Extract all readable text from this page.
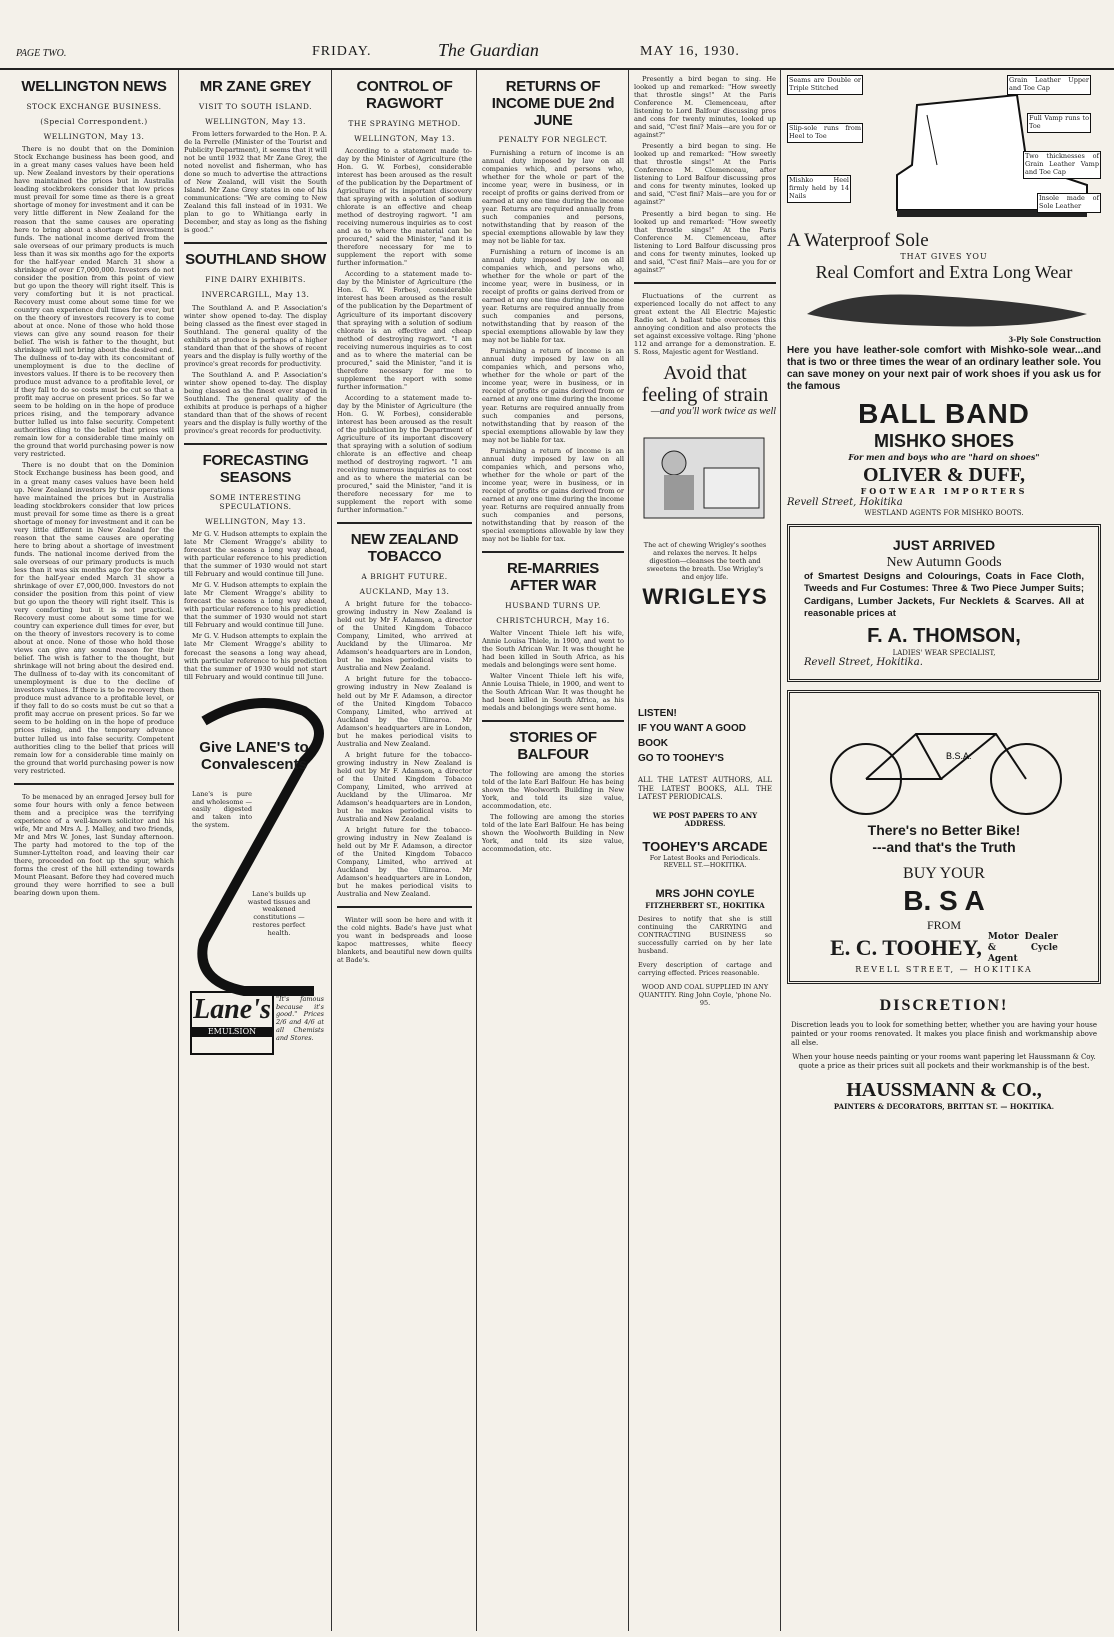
PAGE TWO.	FRIDAY.	The Guardian	MAY 16, 1930.
WELLINGTON NEWS
STOCK EXCHANGE BUSINESS.
(Special Correspondent.)
WELLINGTON, May 13.

There is no doubt that on the Dominion Stock Exchange business has been good, and in a great many cases values have been held up. New Zealand investors by their operations have maintained the prices but in Australia leading stockbrokers consider that low prices must prevail for some time as there is a great shortage of money for investment and it can be very little different in New Zealand for the reason that the same causes are operating here to bring about a shortage of investment funds. The national income derived from the sale overseas of our primary products is much less than it was six months ago for the exports for the half-year ended March 31 show a shrinkage of over £7,000,000. Investors do not consider the position from this point of view but go upon the theory will right itself. This is very comforting but it is not practical. Recovery must come about some time for we country can experience dull times for ever, but on the theory of investors recovery is to come about at once. None of those who hold those views can give any sound reason for their belief. The wish is father to the thought, but shrinkage will not bring about the desired end. The dullness of to-day with its concomitant of unemployment is due to the decline of investors values. If there is to be recovery then produce must advance to a profitable level, or if they fall to do so costs must be cut so that a profit may accrue on present prices. So far we seem to be holding on in the hope of produce prices rising, and the temporary advance butter lulled us into false security. Competent authorities cling to the belief that prices will remain low for a considerable time mainly on the ground that world purchasing power is now very restricted.

There is no doubt that on the Dominion Stock Exchange business has been good, and in a great many cases values have been held up. New Zealand investors by their operations have maintained the prices but in Australia leading stockbrokers consider that low prices must prevail for some time as there is a great shortage of money for investment and it can be very little different in New Zealand for the reason that the same causes are operating here to bring about a shortage of investment funds. The national income derived from the sale overseas of our primary products is much less than it was six months ago for the exports for the half-year ended March 31 show a shrinkage of over £7,000,000. Investors do not consider the position from this point of view but go upon the theory will right itself. This is very comforting but it is not practical. Recovery must come about some time for we country can experience dull times for ever, but on the theory of investors recovery is to come about at once. None of those who hold those views can give any sound reason for their belief. The wish is father to the thought, but shrinkage will not bring about the desired end. The dullness of to-day with its concomitant of unemployment is due to the decline of investors values. If there is to be recovery then produce must advance to a profitable level, or if they fall to do so costs must be cut so that a profit may accrue on present prices. So far we seem to be holding on in the hope of produce prices rising, and the temporary advance butter lulled us into false security. Competent authorities cling to the belief that prices will remain low for a considerable time mainly on the ground that world purchasing power is now very restricted.

To be menaced by an enraged Jersey bull for some four hours with only a fence between them and a precipice was the terrifying experience of a well-known solicitor and his wife, Mr and Mrs A. J. Malley, and two friends, Mr and Mrs W. Jones, last Sunday afternoon. The party had motored to the top of the Sumner-Lyttelton road, and leaving their car there, proceeded on foot up the spur, which forms the crest of the hill extending towards Mount Pleasant. Before they had covered much ground they were horrified to see a bull bearing down upon them.

MR ZANE GREY
VISIT TO SOUTH ISLAND.
WELLINGTON, May 13.

From letters forwarded to the Hon. P. A. de la Perrelle (Minister of the Tourist and Publicity Department), it seems that it will not be until 1932 that Mr Zane Grey, the noted novelist and fisherman, who has done so much to advertise the attractions of New Zealand, will visit the South Island. Mr Zane Grey states in one of his communications: "We are coming to New Zealand this fall instead of in 1931. We plan to go to Whitianga early in December, and stay as long as the fishing is good."

SOUTHLAND SHOW
FINE DAIRY EXHIBITS.
INVERCARGILL, May 13.

The Southland A. and P. Association's winter show opened to-day. The display being classed as the finest ever staged in Southland. The general quality of the exhibits at produce is perhaps of a higher standard than that of the shows of recent years and the display is fully worthy of the province's great records for productivity.

The Southland A. and P. Association's winter show opened to-day. The display being classed as the finest ever staged in Southland. The general quality of the exhibits at produce is perhaps of a higher standard than that of the shows of recent years and the display is fully worthy of the province's great records for productivity.

FORECASTING SEASONS
SOME INTERESTING SPECULATIONS.
WELLINGTON, May 13.

Mr G. V. Hudson attempts to explain the late Mr Clement Wragge's ability to forecast the seasons a long way ahead, with particular reference to his prediction that the summer of 1930 would not start till February and would continue till June.

Mr G. V. Hudson attempts to explain the late Mr Clement Wragge's ability to forecast the seasons a long way ahead, with particular reference to his prediction that the summer of 1930 would not start till February and would continue till June.

Mr G. V. Hudson attempts to explain the late Mr Clement Wragge's ability to forecast the seasons a long way ahead, with particular reference to his prediction that the summer of 1930 would not start till February and would continue till June.

Give LANE'S to Convalescents
Lane's is pure and wholesome — easily digested and taken into the system.
Lane's builds up wasted tissues and weakened constitutions — restores perfect health.
Lane's
EMULSION
"It's famous because it's good." Prices 2/6 and 4/6 at all Chemists and Stores.
CONTROL OF RAGWORT
THE SPRAYING METHOD.
WELLINGTON, May 13.

According to a statement made to-day by the Minister of Agriculture (the Hon. G. W. Forbes), considerable interest has been aroused as the result of the publication by the Department of Agriculture of its important discovery that spraying with a solution of sodium chlorate is an effective and cheap method of destroying ragwort. "I am receiving numerous inquiries as to cost and as to where the material can be procured," said the Minister, "and it is therefore necessary for me to supplement the report with some further information."

According to a statement made to-day by the Minister of Agriculture (the Hon. G. W. Forbes), considerable interest has been aroused as the result of the publication by the Department of Agriculture of its important discovery that spraying with a solution of sodium chlorate is an effective and cheap method of destroying ragwort. "I am receiving numerous inquiries as to cost and as to where the material can be procured," said the Minister, "and it is therefore necessary for me to supplement the report with some further information."

According to a statement made to-day by the Minister of Agriculture (the Hon. G. W. Forbes), considerable interest has been aroused as the result of the publication by the Department of Agriculture of its important discovery that spraying with a solution of sodium chlorate is an effective and cheap method of destroying ragwort. "I am receiving numerous inquiries as to cost and as to where the material can be procured," said the Minister, "and it is therefore necessary for me to supplement the report with some further information."

NEW ZEALAND TOBACCO
A BRIGHT FUTURE.
AUCKLAND, May 13.

A bright future for the tobacco-growing industry in New Zealand is held out by Mr F. Adamson, a director of the United Kingdom Tobacco Company, Limited, who arrived at Auckland by the Ulimaroa. Mr Adamson's headquarters are in London, but he makes periodical visits to Australia and New Zealand.

A bright future for the tobacco-growing industry in New Zealand is held out by Mr F. Adamson, a director of the United Kingdom Tobacco Company, Limited, who arrived at Auckland by the Ulimaroa. Mr Adamson's headquarters are in London, but he makes periodical visits to Australia and New Zealand.

A bright future for the tobacco-growing industry in New Zealand is held out by Mr F. Adamson, a director of the United Kingdom Tobacco Company, Limited, who arrived at Auckland by the Ulimaroa. Mr Adamson's headquarters are in London, but he makes periodical visits to Australia and New Zealand.

A bright future for the tobacco-growing industry in New Zealand is held out by Mr F. Adamson, a director of the United Kingdom Tobacco Company, Limited, who arrived at Auckland by the Ulimaroa. Mr Adamson's headquarters are in London, but he makes periodical visits to Australia and New Zealand.

Winter will soon be here and with it the cold nights. Bade's have just what you want in bedspreads and loose kapoc mattresses, white fleecy blankets, and beautiful new down quilts at Bade's.

RETURNS OF INCOME DUE 2nd JUNE
PENALTY FOR NEGLECT.

Furnishing a return of income is an annual duty imposed by law on all companies which, and persons who, whether for the whole or part of the income year, were in business, or in receipt of profits or gains derived from or earned at any one time during the income year. Returns are required annually from such companies and persons, notwithstanding that by reason of the special exemptions allowable by law they may not be liable for tax.

Furnishing a return of income is an annual duty imposed by law on all companies which, and persons who, whether for the whole or part of the income year, were in business, or in receipt of profits or gains derived from or earned at any one time during the income year. Returns are required annually from such companies and persons, notwithstanding that by reason of the special exemptions allowable by law they may not be liable for tax.

Furnishing a return of income is an annual duty imposed by law on all companies which, and persons who, whether for the whole or part of the income year, were in business, or in receipt of profits or gains derived from or earned at any one time during the income year. Returns are required annually from such companies and persons, notwithstanding that by reason of the special exemptions allowable by law they may not be liable for tax.

Furnishing a return of income is an annual duty imposed by law on all companies which, and persons who, whether for the whole or part of the income year, were in business, or in receipt of profits or gains derived from or earned at any one time during the income year. Returns are required annually from such companies and persons, notwithstanding that by reason of the special exemptions allowable by law they may not be liable for tax.

RE-MARRIES AFTER WAR
HUSBAND TURNS UP.
CHRISTCHURCH, May 16.

Walter Vincent Thiele left his wife, Annie Louisa Thiele, in 1900, and went to the South African War. It was thought he had been killed in South Africa, as his medals and belongings were sent home.

Walter Vincent Thiele left his wife, Annie Louisa Thiele, in 1900, and went to the South African War. It was thought he had been killed in South Africa, as his medals and belongings were sent home.

STORIES OF BALFOUR

The following are among the stories told of the late Earl Balfour. He has being shown the Woolworth Building in New York, and told its size value, accommodation, etc.

The following are among the stories told of the late Earl Balfour. He has being shown the Woolworth Building in New York, and told its size value, accommodation, etc.

Presently a bird began to sing. He looked up and remarked: "How sweetly that throstle sings!" At the Paris Conference M. Clemenceau, after listening to Lord Balfour discussing pros and cons for twenty minutes, looked up and said, "C'est fini? Mais—are you for or against?"

Presently a bird began to sing. He looked up and remarked: "How sweetly that throstle sings!" At the Paris Conference M. Clemenceau, after listening to Lord Balfour discussing pros and cons for twenty minutes, looked up and said, "C'est fini? Mais—are you for or against?"

Presently a bird began to sing. He looked up and remarked: "How sweetly that throstle sings!" At the Paris Conference M. Clemenceau, after listening to Lord Balfour discussing pros and cons for twenty minutes, looked up and said, "C'est fini? Mais—are you for or against?"

Fluctuations of the current as experienced locally do not affect to any great extent the All Electric Majestic Radio set. A ballast tube overcomes this annoying condition and also protects the set against excessive voltage. Ring 'phone 112 and arrange for a demonstration. E. S. Ross, Majestic agent for Westland.

Avoid that feeling of strain
—and you'll work twice as well
The act of chewing Wrigley's soothes and relaxes the nerves. It helps digestion—cleanses the teeth and sweetens the breath. Use Wrigley's and enjoy life.
WRIGLEYS
LISTEN!
IF YOU WANT A GOOD
BOOK
GO TO TOOHEY'S
ALL THE LATEST AUTHORS, ALL THE LATEST BOOKS, ALL THE LATEST PERIODICALS.
WE POST PAPERS TO ANY ADDRESS.
TOOHEY'S ARCADE
For Latest Books and Periodicals. REVELL ST.—HOKITIKA.
MRS JOHN COYLE
FITZHERBERT ST., HOKITIKA
Desires to notify that she is still continuing the CARRYING and CONTRACTING BUSINESS so successfully carried on by her late husband.
Every description of cartage and carrying effected. Prices reasonable.
WOOD AND COAL SUPPLIED IN ANY QUANTITY. Ring John Coyle, 'phone No. 95.
Seams are Double or Triple Stitched
Grain Leather Upper and Toe Cap
Slip-sole runs from Heel to Toe
Full Vamp runs to Toe
Two thicknesses of Grain Leather Vamp and Toe Cap
Mishko Heel firmly held by 14 Nails	Insole made of Sole Leather
A Waterproof Sole
THAT GIVES YOU
Real Comfort and Extra Long Wear
3-Ply Sole Construction
Here you have leather-sole comfort with Mishko-sole wear...and that is two or three times the wear of an ordinary leather sole. You can save money on your next pair of work shoes if you ask us for the famous
BALL BAND
MISHKO SHOES
For men and boys who are "hard on shoes"
OLIVER & DUFF,
FOOTWEAR IMPORTERS
Revell Street, Hokitika
WESTLAND AGENTS FOR MISHKO BOOTS.
JUST ARRIVED
New Autumn Goods
of Smartest Designs and Colourings, Coats in Face Cloth, Tweeds and Fur Costumes: Three & Two Piece Jumper Suits; Cardigans, Lumber Jackets, Fur Necklets & Scarves. All at reasonable prices at
F. A. THOMSON,
LADIES' WEAR SPECIALIST,
Revell Street, Hokitika.
B.S.A.
There's no Better Bike!
---and that's the Truth
BUY YOUR
B. S A
FROM
E. C. TOOHEY, Motor Dealer & Cycle Agent
REVELL STREET, — HOKITIKA
DISCRETION!
Discretion leads you to look for something better, whether you are having your house painted or your rooms renovated. It makes you place finish and workmanship above all else.
When your house needs painting or your rooms want papering let Haussmann & Coy. quote a price as their prices suit all pockets and their workmanship is of the best.
HAUSSMANN & CO.,
PAINTERS & DECORATORS, BRITTAN ST. — HOKITIKA.
